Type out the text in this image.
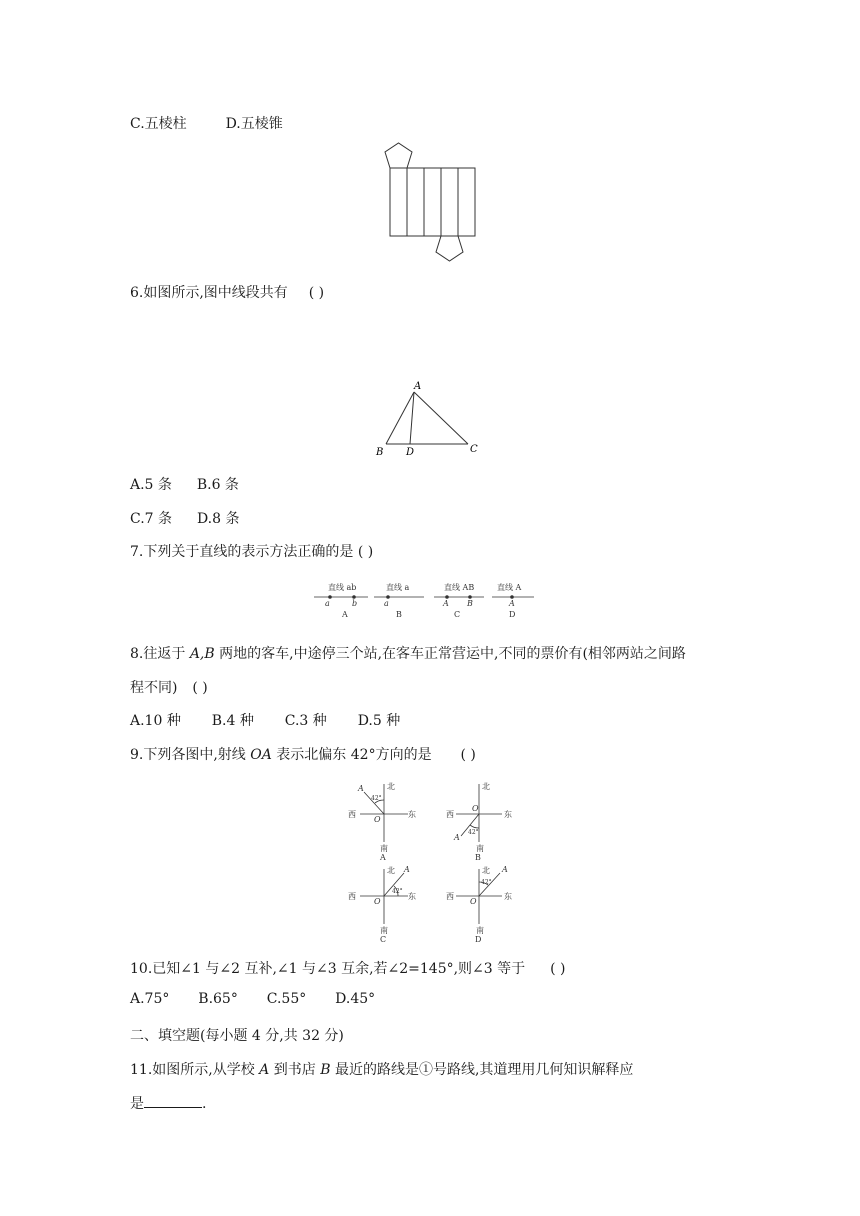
C.五棱柱	D.五棱锥
6.如图所示,图中线段共有 ( )
A
B D	C
A.5 条 B.6 条
C.7 条 D.8 条
7.下列关于直线的表示方法正确的是 ( )
直线 ab
a	b
A
直线 a
a
B
直线 AB
A B
C
直线 A
A
D
8.往返于 A,B 两地的客车,中途停三个站,在客车正常营运中,不同的票价有(相邻两站之间路
程不同) ( )
A.10 种 B.4 种 C.3 种 D.5 种
9.下列各图中,射线 OA 表示北偏东 42°方向的是 ( )
北
西	东
南
O
A
42°
A
北
西	东
南
O
A
42°
B
北
西	东
南
O
A
42°
C
北
西	东
南
O
A
42°
D
10.已知∠1 与∠2 互补,∠1 与∠3 互余,若∠2=145°,则∠3 等于 ( )
A.75° B.65° C.55° D.45°
二、填空题(每小题 4 分,共 32 分)
11.如图所示,从学校 A 到书店 B 最近的路线是①号路线,其道理用几何知识解释应
是	.
